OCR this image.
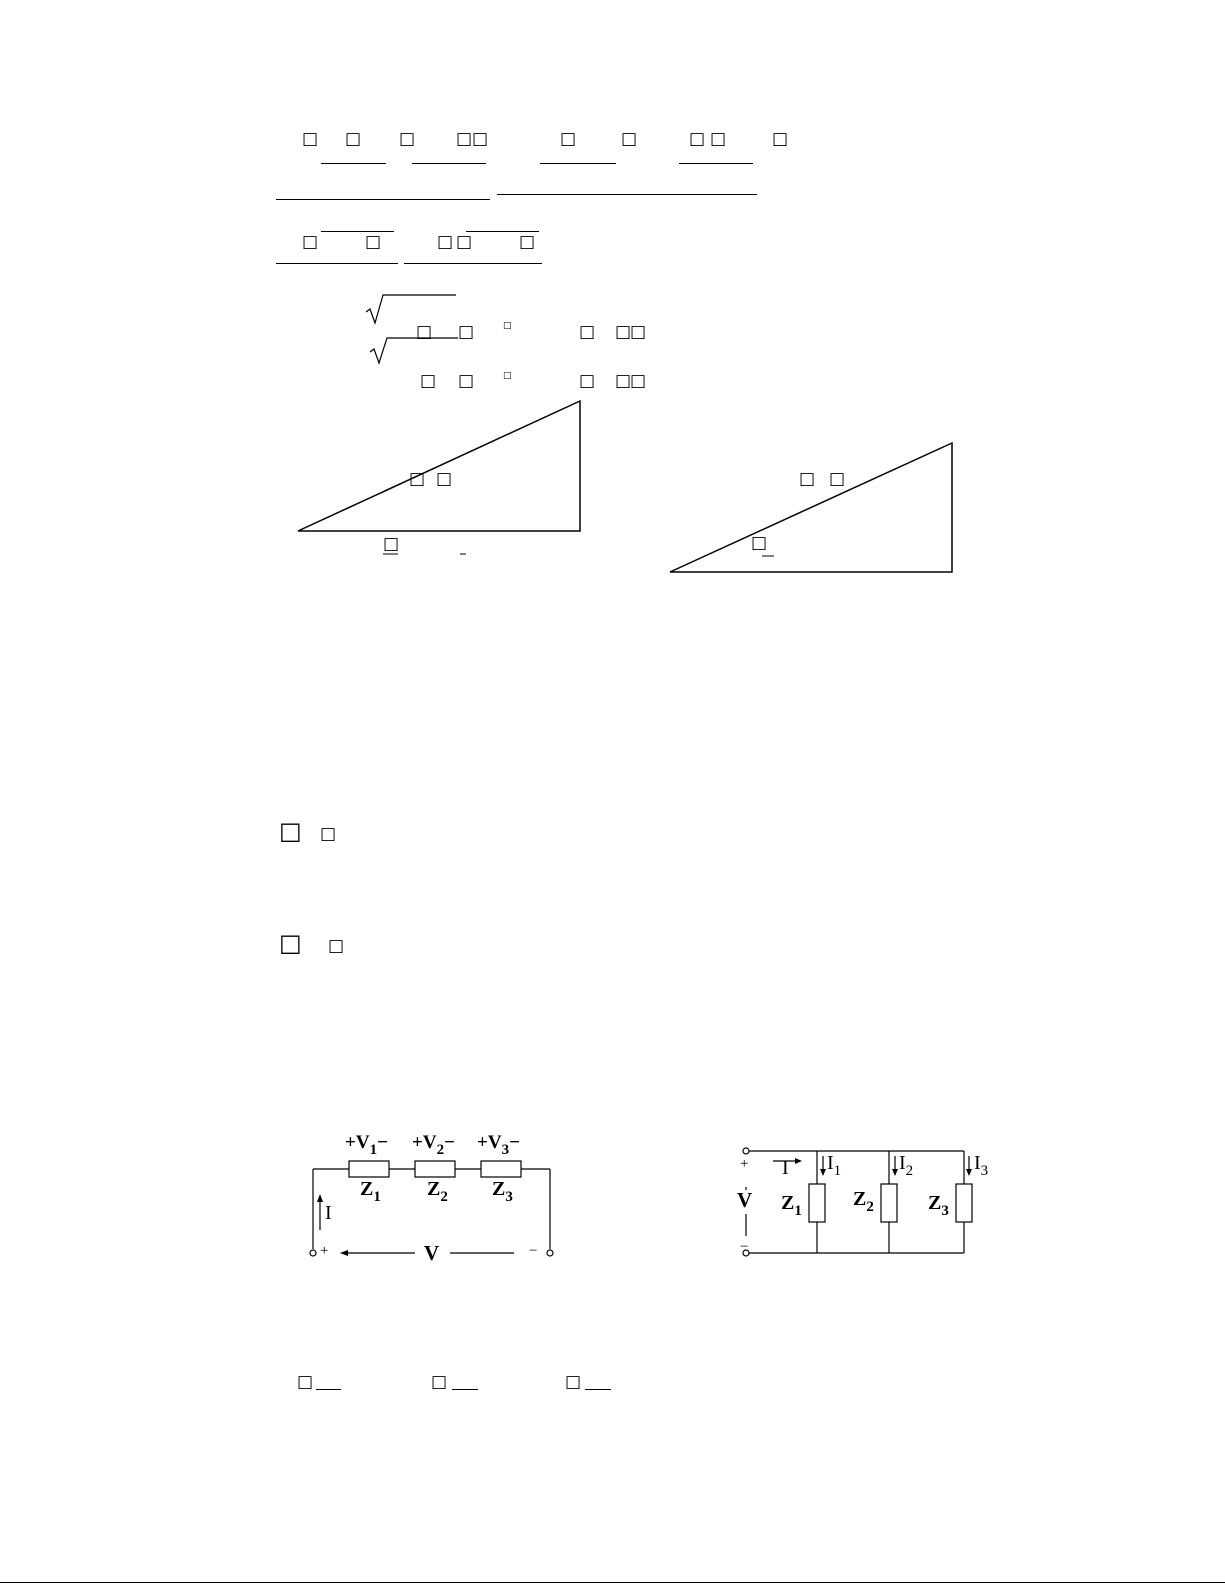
□ □ □ □ □	□	□	□ □	□
□	□	□ □	□
□ □	□	□ □
□
□ □	□	□ □
□
□ □
□
□ □
□
□ □
□ □
$+V_1- +V_2- +V_3-$
$Z_1$ $Z_2$ $Z_3$
I
+	V	−
+
V
−
I $I_1$	$I_2$	$I_3$
$Z_1$
$Z_2$	$Z_3$
□	□	□
